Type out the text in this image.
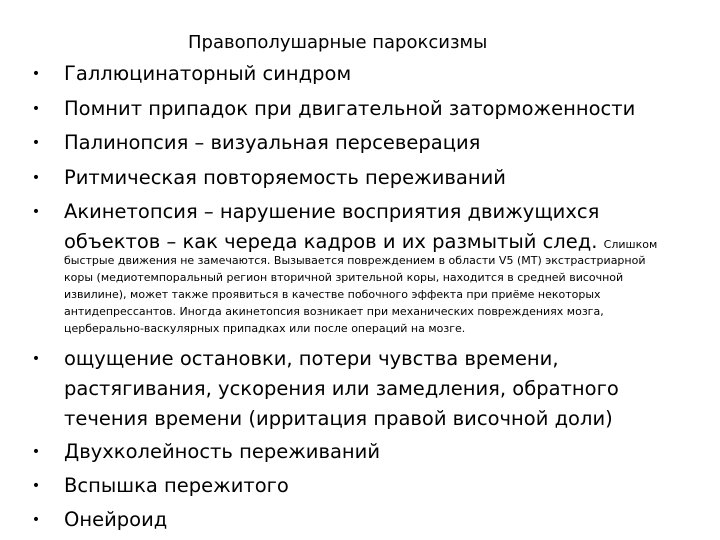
Правополушарные пароксизмы
• Галлюцинаторный синдром
• Помнит припадок при двигательной заторможенности
• Палинопсия – визуальная персеверация
• Ритмическая повторяемость переживаний
• Акинетопсия – нарушение восприятия движущихся
объектов – как череда кадров и их размытый след. Слишком
быстрые движения не замечаются. Вызывается повреждением в области V5 (MT) экстрастриарной
коры (медиотемпоральный регион вторичной зрительной коры, находится в средней височной
извилине), может также проявиться в качестве побочного эффекта при приёме некоторых
антидепрессантов. Иногда акинетопсия возникает при механических повреждениях мозга,
церберально-васкулярных припадках или после операций на мозге.
• ощущение остановки, потери чувства времени,
растягивания, ускорения или замедления, обратного
течения времени (ирритация правой височной доли)
• Двухколейность переживаний
• Вспышка пережитого
• Онейроид
